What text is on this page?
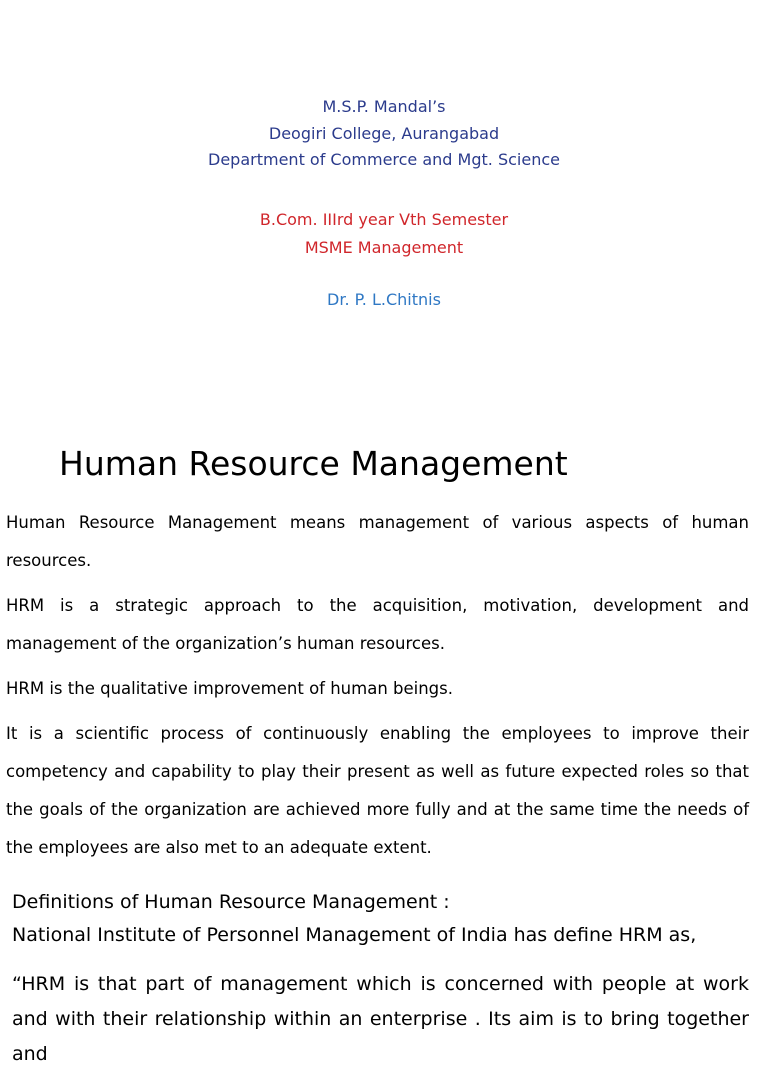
M.S.P. Mandal’s
Deogiri College, Aurangabad
Department of Commerce and Mgt. Science
B.Com. IIIrd year Vth Semester
MSME Management
Dr. P. L.Chitnis
Human Resource Management

Human Resource Management means management of various aspects of human resources.

HRM is a strategic approach to the acquisition, motivation, development and management of the organization’s human resources.

HRM is the qualitative improvement of human beings.

It is a scientific process of continuously enabling the employees to improve their competency and capability to play their present as well as future expected roles so that the goals of the organization are achieved more fully and at the same time the needs of the employees are also met to an adequate extent.

Definitions of Human Resource Management :
National Institute of Personnel Management of India has define HRM as,

“HRM is that part of management which is concerned with people at work and with their relationship within an enterprise . Its aim is to bring together and
